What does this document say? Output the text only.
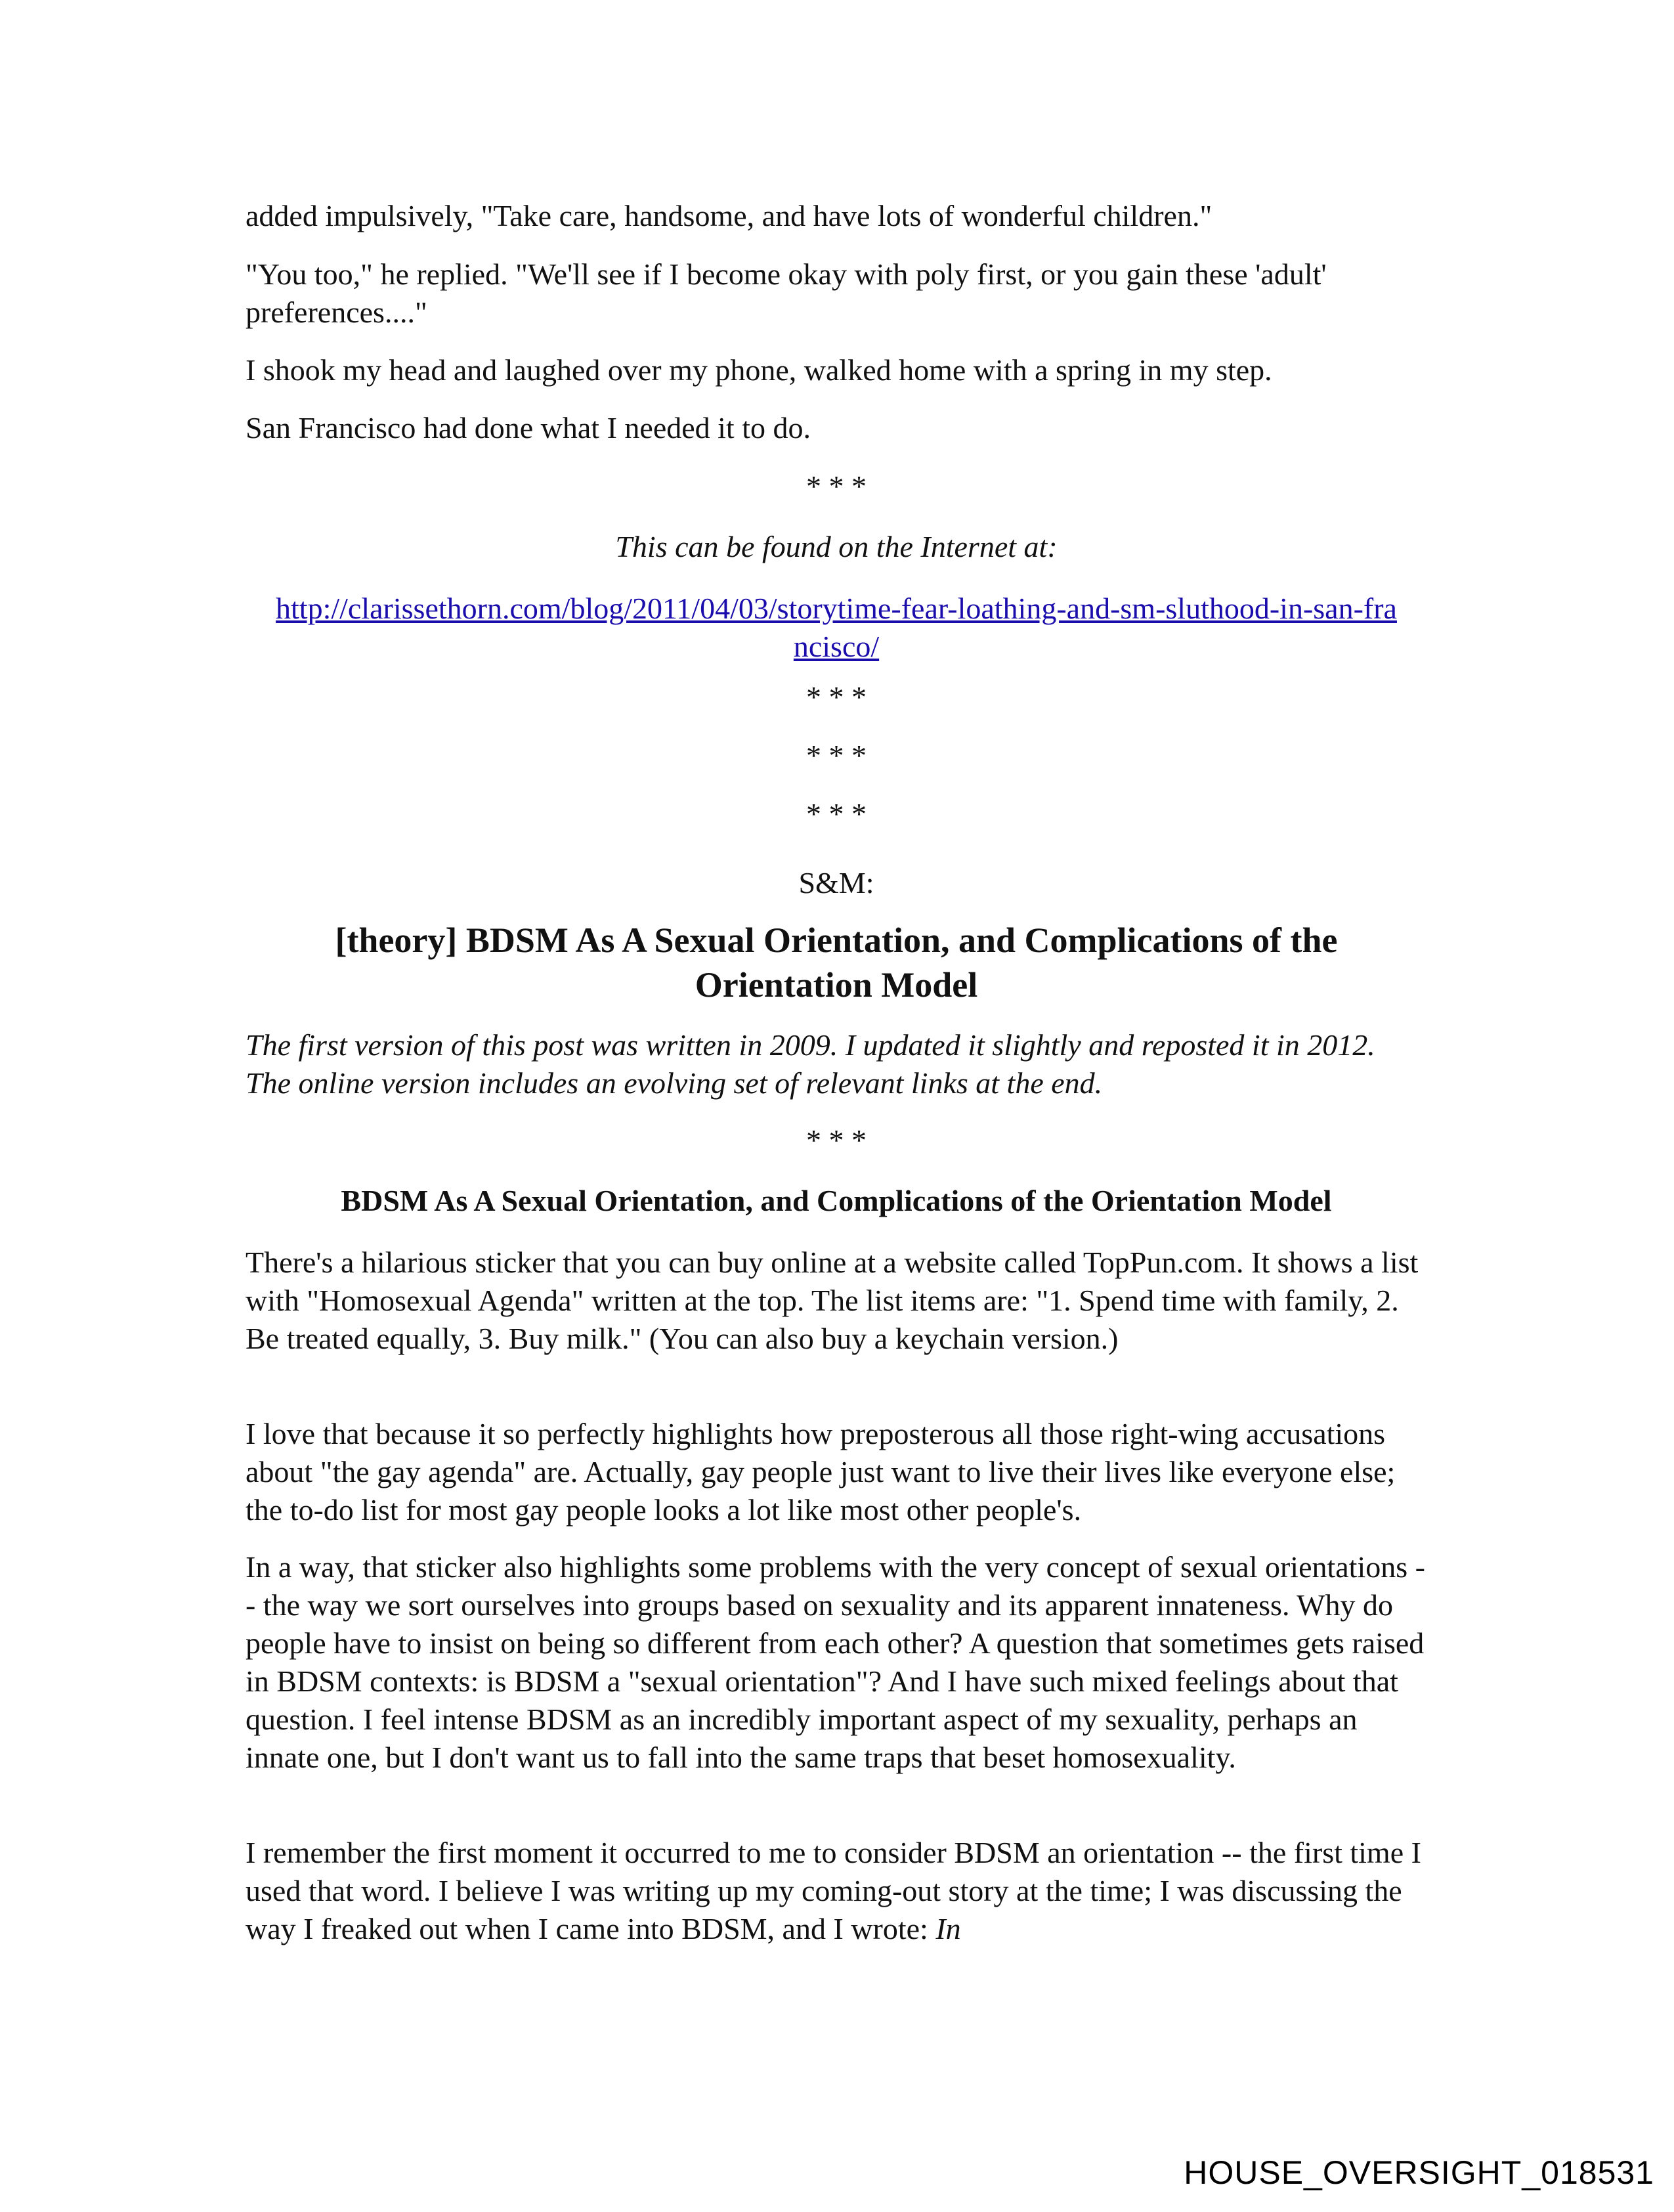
added impulsively, "Take care, handsome, and have lots of wonderful children."

"You too," he replied. "We'll see if I become okay with poly first, or you gain these 'adult' preferences...."

I shook my head and laughed over my phone, walked home with a spring in my step.

San Francisco had done what I needed it to do.

* * *

This can be found on the Internet at:

http://clarissethorn.com/blog/2011/04/03/storytime-fear-loathing-and-sm-sluthood-in-san-francisco/

* * *

* * *

* * *

S&M:

[theory] BDSM As A Sexual Orientation, and Complications of the Orientation Model

The first version of this post was written in 2009. I updated it slightly and reposted it in 2012. The online version includes an evolving set of relevant links at the end.

* * *

BDSM As A Sexual Orientation, and Complications of the Orientation Model

There's a hilarious sticker that you can buy online at a website called TopPun.com. It shows a list with "Homosexual Agenda" written at the top. The list items are: "1. Spend time with family, 2. Be treated equally, 3. Buy milk." (You can also buy a keychain version.)

I love that because it so perfectly highlights how preposterous all those right-wing accusations about "the gay agenda" are. Actually, gay people just want to live their lives like everyone else; the to-do list for most gay people looks a lot like most other people's.

In a way, that sticker also highlights some problems with the very concept of sexual orientations -- the way we sort ourselves into groups based on sexuality and its apparent innateness. Why do people have to insist on being so different from each other? A question that sometimes gets raised in BDSM contexts: is BDSM a "sexual orientation"? And I have such mixed feelings about that question. I feel intense BDSM as an incredibly important aspect of my sexuality, perhaps an innate one, but I don't want us to fall into the same traps that beset homosexuality.

I remember the first moment it occurred to me to consider BDSM an orientation -- the first time I used that word. I believe I was writing up my coming-out story at the time; I was discussing the way I freaked out when I came into BDSM, and I wrote: In

HOUSE_OVERSIGHT_018531
